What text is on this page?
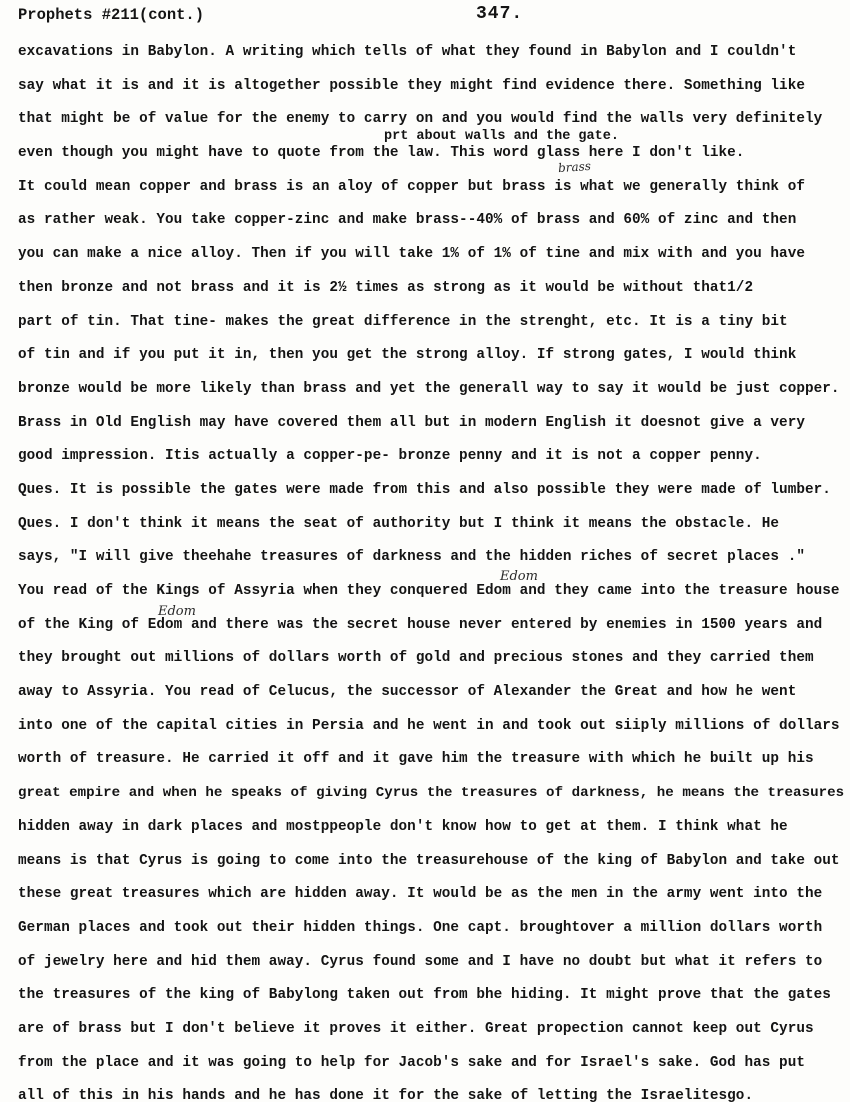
Prophets #211(cont.)	347.
prt about walls and the gate.
brass
Edom
Edom
excavations in Babylon. A writing which tells of what they found in Babylon and I couldn't
say what it is and it is altogether possible they might find evidence there. Something like
that might be of value for the enemy to carry on and you would find the walls very definitely
even though you might have to quote from the law. This word glass here I don't like.
It could mean copper and brass is an aloy of copper but brass is what we generally think of
as rather weak. You take copper-zinc and make brass--40% of brass and 60% of zinc and then
you can make a nice alloy. Then if you will take 1% of 1% of tine and mix with and you have
then bronze and not brass and it is 2½ times as strong as it would be without that1/2
part of tin. That tine- makes the great difference in the strenght, etc. It is a tiny bit
of tin and if you put it in, then you get the strong alloy. If strong gates, I would think
bronze would be more likely than brass and yet the generall way to say it would be just copper.
Brass in Old English may have covered them all but in modern English it doesnot give a very
good impression. Itis actually a copper-pe- bronze penny and it is not a copper penny.
Ques. It is possible the gates were made from this and also possible they were made of lumber.
Ques. I don't think it means the seat of authority but I think it means the obstacle. He
says, "I will give theehahe treasures of darkness and the hidden riches of secret places ."
You read of the Kings of Assyria when they conquered Edom and they came into the treasure house
of the King of Edom and there was the secret house never entered by enemies in 1500 years and
they brought out millions of dollars worth of gold and precious stones and they carried them
away to Assyria. You read of Celucus, the successor of Alexander the Great and how he went
into one of the capital cities in Persia and he went in and took out siiply millions of dollars
worth of treasure. He carried it off and it gave him the treasure with which he built up his
great empire and when he speaks of giving Cyrus the treasures of darkness, he means the treasures
hidden away in dark places and mostppeople don't know how to get at them. I think what he
means is that Cyrus is going to come into the treasurehouse of the king of Babylon and take out
these great treasures which are hidden away. It would be as the men in the army went into the
German places and took out their hidden things. One capt. broughtover a million dollars worth
of jewelry here and hid them away. Cyrus found some and I have no doubt but what it refers to
the treasures of the king of Babylong taken out from bhe hiding. It might prove that the gates
are of brass but I don't believe it proves it either. Great propection cannot keep out Cyrus
from the place and it was going to help for Jacob's sake and for Israel's sake. God has put
all of this in his hands and he has done it for the sake of letting the Israelitesgo.
